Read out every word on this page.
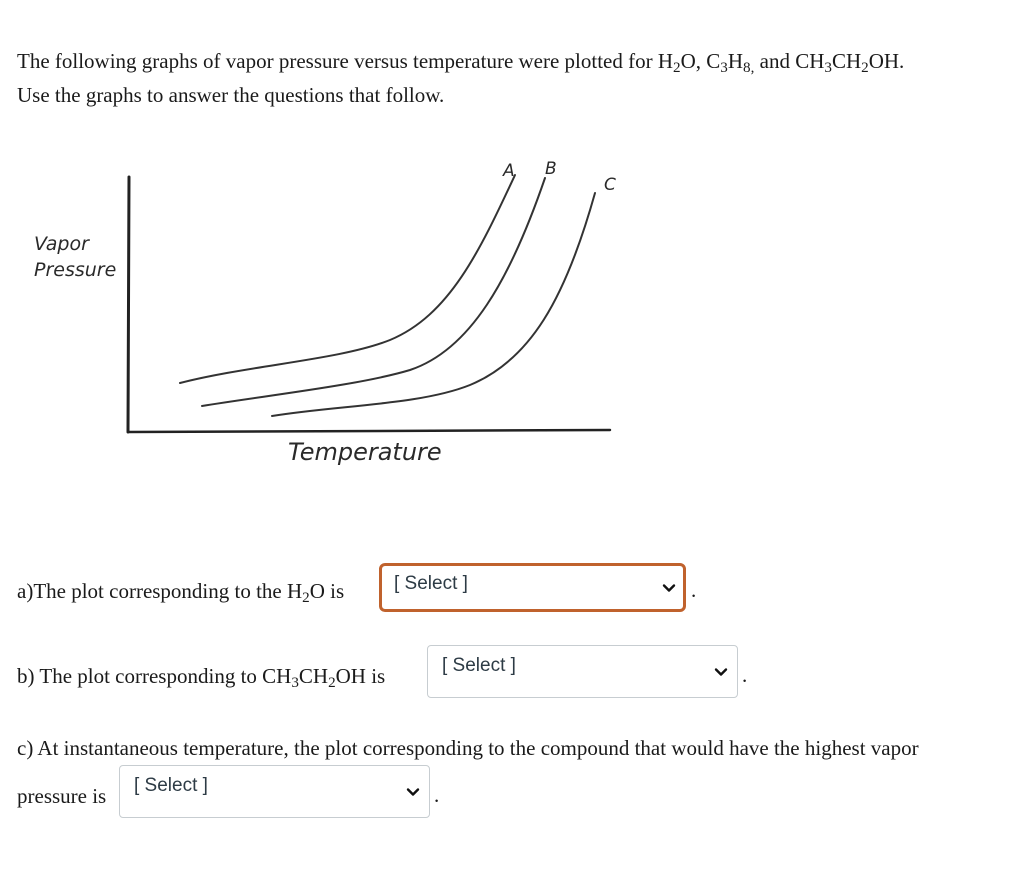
The following graphs of vapor pressure versus temperature were plotted for $H_2O$, $C_3H_{8,}$ and $CH_3CH_2OH$.

Use the graphs to answer the questions that follow.

Vapor
Pressure
Temperature
A B
C
a)The plot corresponding to the $H_2O$ is	[ Select ]	.
b) The plot corresponding to $CH_3CH_2OH$ is	[ Select ]	.
c) At instantaneous temperature, the plot corresponding to the compound that would have the highest vapor
pressure is [ Select ]	.
